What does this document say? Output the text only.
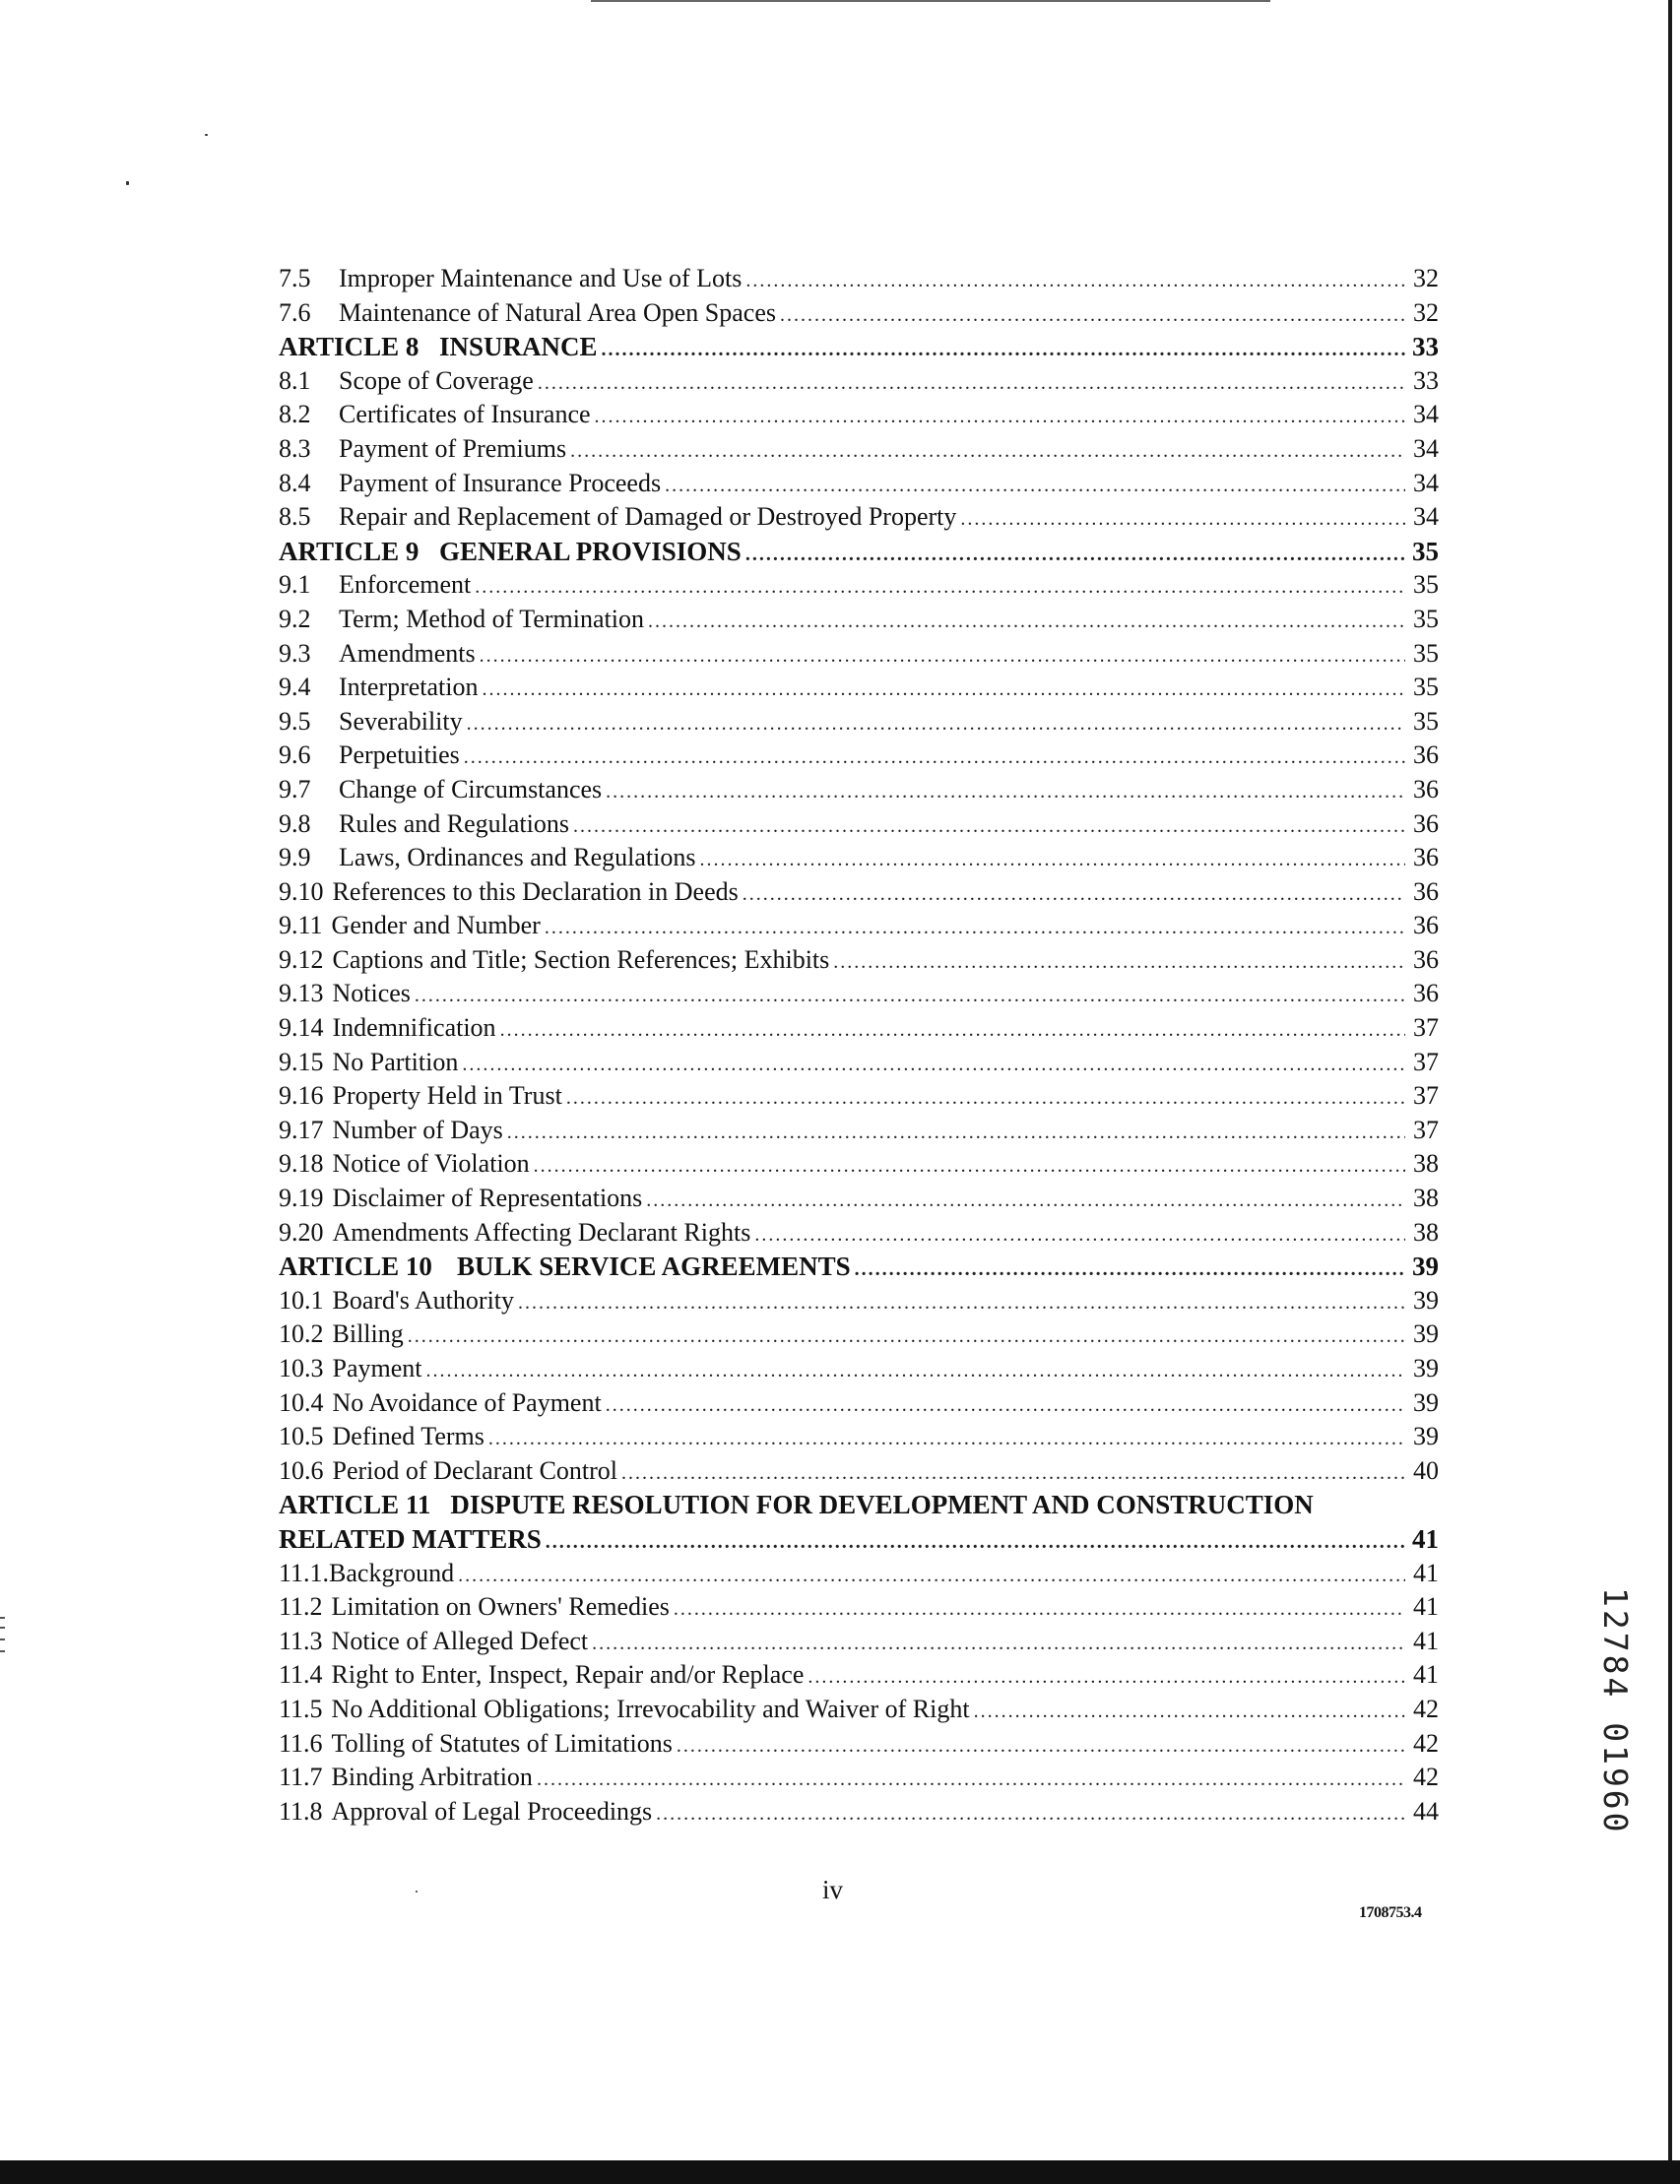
7.5	Improper Maintenance and Use of Lots .....	32
7.6	Maintenance of Natural Area Open Spaces .....	32
ARTICLE 8 INSURANCE .....	33
8.1	Scope of Coverage .....	33
8.2	Certificates of Insurance .....	34
8.3	Payment of Premiums .....	34
8.4	Payment of Insurance Proceeds .....	34
8.5	Repair and Replacement of Damaged or Destroyed Property .....	34
ARTICLE 9 GENERAL PROVISIONS .....	35
9.1	Enforcement .....	35
9.2	Term; Method of Termination .....	35
9.3	Amendments .....	35
9.4	Interpretation .....	35
9.5	Severability .....	35
9.6	Perpetuities .....	36
9.7	Change of Circumstances .....	36
9.8	Rules and Regulations .....	36
9.9	Laws, Ordinances and Regulations .....	36
9.10 References to this Declaration in Deeds .....	36
9.11 Gender and Number .....	36
9.12 Captions and Title; Section References; Exhibits .....	36
9.13 Notices .....	36
9.14 Indemnification .....	37
9.15 No Partition .....	37
9.16 Property Held in Trust .....	37
9.17 Number of Days .....	37
9.18 Notice of Violation .....	38
9.19 Disclaimer of Representations .....	38
9.20 Amendments Affecting Declarant Rights .....	38
ARTICLE 10 BULK SERVICE AGREEMENTS .....	39
10.1 Board's Authority .....	39
10.2 Billing .....	39
10.3 Payment .....	39
10.4 No Avoidance of Payment .....	39
10.5 Defined Terms .....	39
10.6 Period of Declarant Control .....	40
ARTICLE 11 DISPUTE RESOLUTION FOR DEVELOPMENT AND CONSTRUCTION
RELATED MATTERS .....	41
11.1. Background .....	41
11.2 Limitation on Owners' Remedies .....	41
11.3 Notice of Alleged Defect .....	41
11.4 Right to Enter, Inspect, Repair and/or Replace .....	41
11.5 No Additional Obligations; Irrevocability and Waiver of Right .....	42
11.6 Tolling of Statutes of Limitations .....	42
11.7 Binding Arbitration .....	42
11.8 Approval of Legal Proceedings .....	44
iv
1708753.4
12784 01960
